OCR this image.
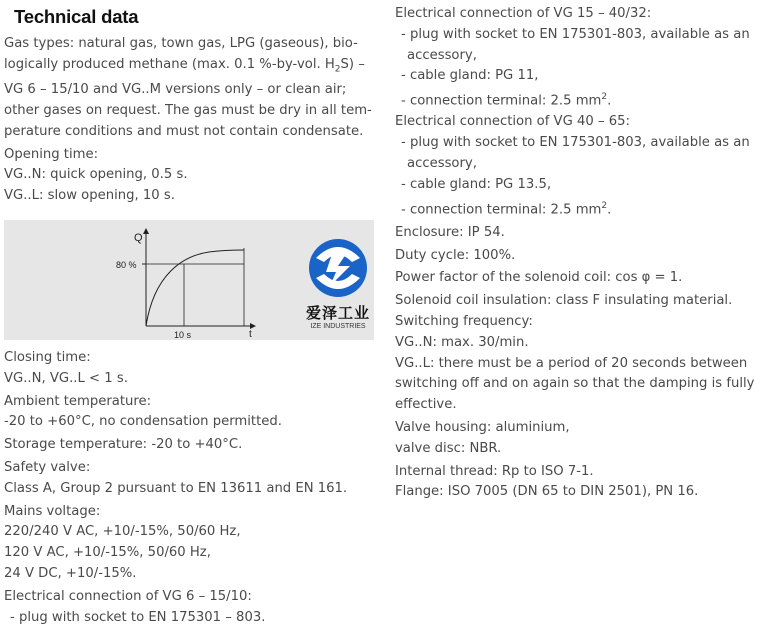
Technical data
Gas types: natural gas, town gas, LPG (gaseous), bio-
logically produced methane (max. 0.1 %-by-vol. $H_2S$) –
VG 6 – 15/10 and VG..M versions only – or clean air;
other gases on request. The gas must be dry in all tem-
perature conditions and must not contain condensate.
Opening time:
VG..N: quick opening, 0.5 s.
VG..L: slow opening, 10 s.
Q
80 %
10 s	t
爱泽工业
IZE INDUSTRIES
Closing time:
VG..N, VG..L < 1 s.
Ambient temperature:
-20 to +60°C, no condensation permitted.
Storage temperature: -20 to +40°C.
Safety valve:
Class A, Group 2 pursuant to EN 13611 and EN 161.
Mains voltage:
220/240 V AC, +10/-15%, 50/60 Hz,
120 V AC, +10/-15%, 50/60 Hz,
24 V DC, +10/-15%.
Electrical connection of VG 6 – 15/10:
- plug with socket to EN 175301 – 803.
Electrical connection of VG 15 – 40/32:
- plug with socket to EN 175301-803, available as an
accessory,
- cable gland: PG 11,
- connection terminal: 2.5 $mm^2$.
Electrical connection of VG 40 – 65:
- plug with socket to EN 175301-803, available as an
accessory,
- cable gland: PG 13.5,
- connection terminal: 2.5 $mm^2$.
Enclosure: IP 54.
Duty cycle: 100%.
Power factor of the solenoid coil: cos φ = 1.
Solenoid coil insulation: class F insulating material.
Switching frequency:
VG..N: max. 30/min.
VG..L: there must be a period of 20 seconds between
switching off and on again so that the damping is fully
effective.
Valve housing: aluminium,
valve disc: NBR.
Internal thread: Rp to ISO 7-1.
Flange: ISO 7005 (DN 65 to DIN 2501), PN 16.
